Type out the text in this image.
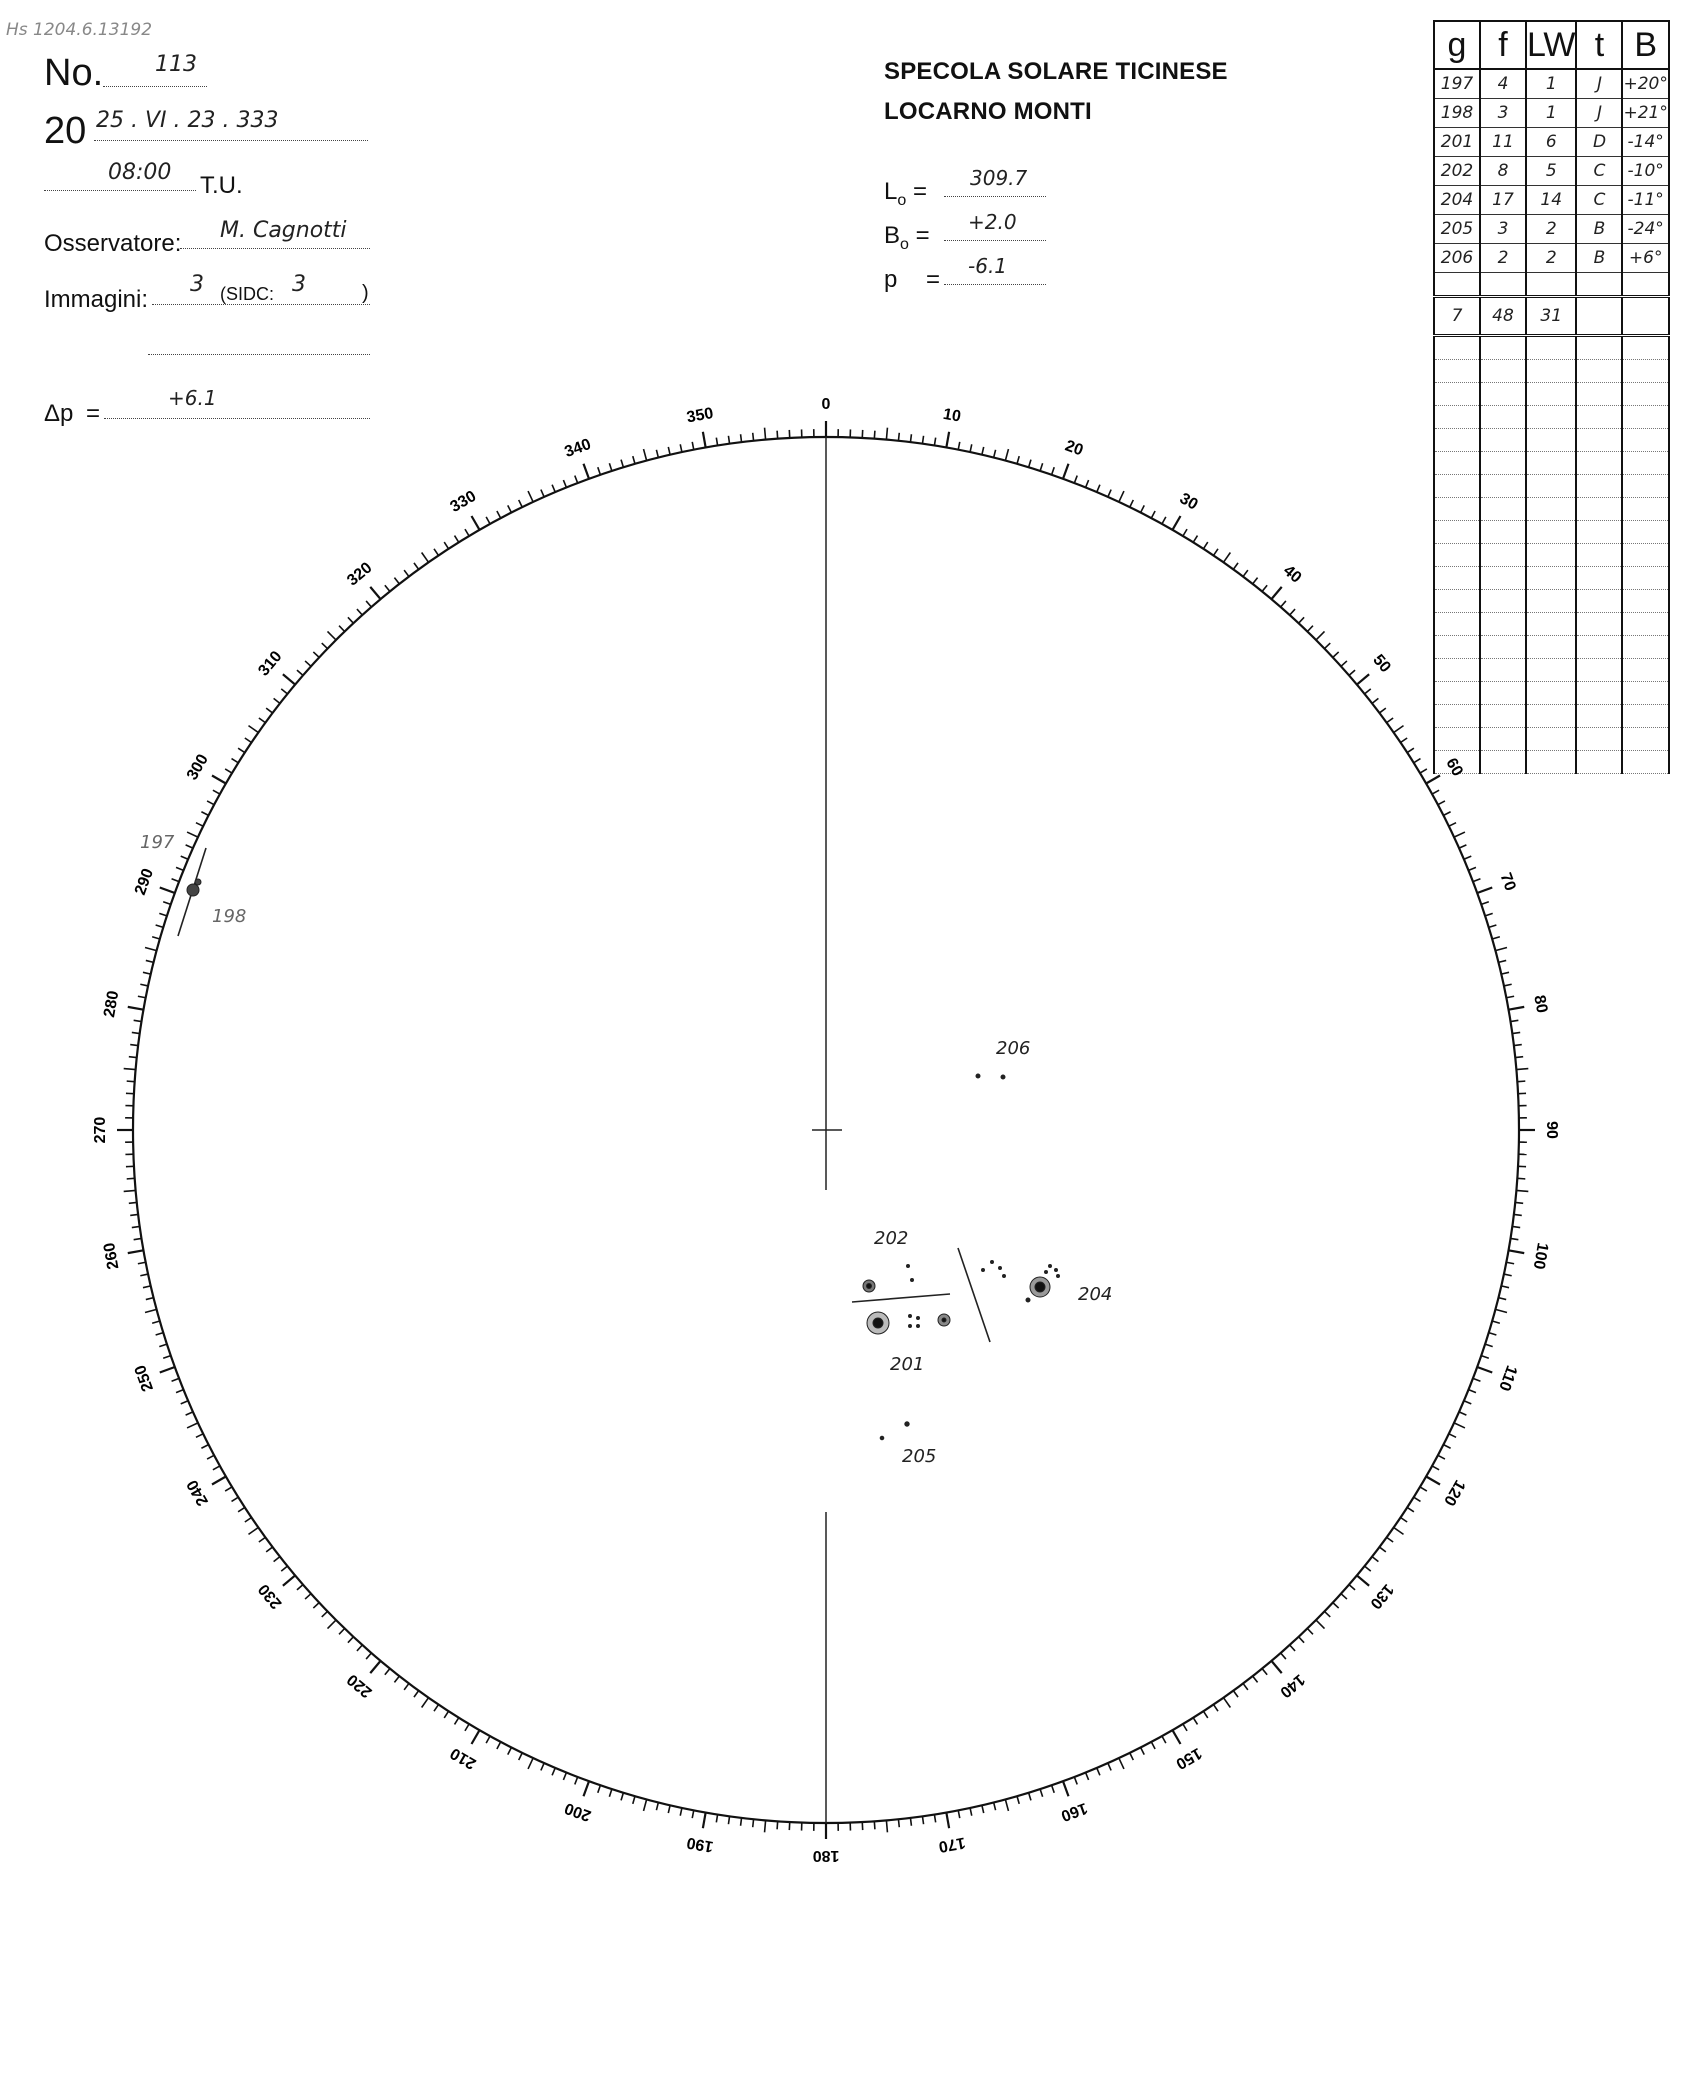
Hs 1204.6.13192
No. 113
20 25 . VI . 23 . 333
08:00 T.U.
Osservatore: M. Cagnotti
Immagini:
3 (SIDC: 3	)
Δp =
+6.1
SPECOLA SOLARE TICINESE
LOCARNO MONTI
$L_o = 309.7$
$B_o = +2.0$
p = -6.1
g	f	LW	t	B
197	4	1	J	+20°
198	3	1	J	+21°
201	11	6	D	-14°
202	8	5	C	-10°
204	17	14	C	-11°
205	3	2	B	-24°
206	2	2	B	+6°

7	48	31		

0
10
20
30
40
50
60
70
80
90
100
110
120
130
140
150
160
170
180
190
200
210
220
230
240
250
260
270
280
290
300
310
320
330
340
350
197
198
206
202
204
201
205
